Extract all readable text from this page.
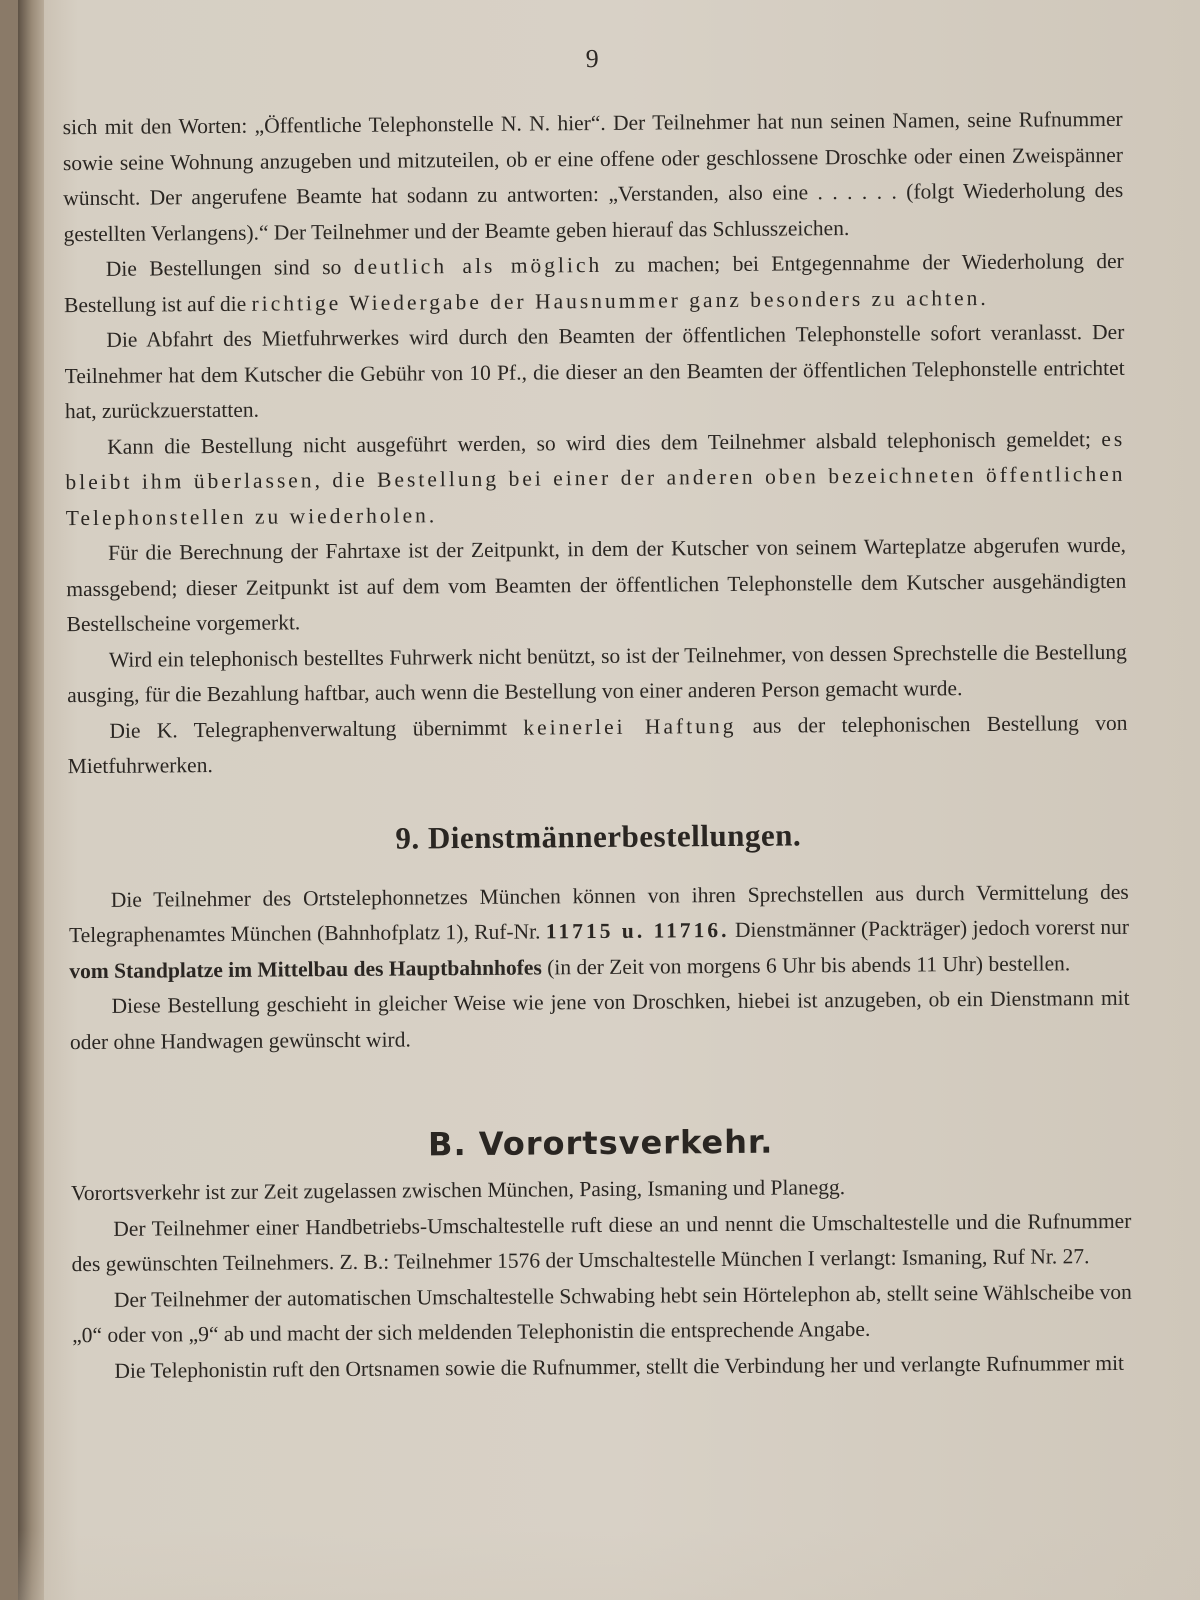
9

sich mit den Worten: „Öffentliche Telephonstelle N. N. hier“. Der Teilnehmer hat nun seinen Namen, seine Rufnummer sowie seine Wohnung anzugeben und mitzuteilen, ob er eine offene oder geschlossene Droschke oder einen Zweispänner wünscht. Der angerufene Beamte hat sodann zu antworten: „Verstanden, also eine . . . . . . (folgt Wiederholung des gestellten Verlangens).“ Der Teilnehmer und der Beamte geben hierauf das Schlusszeichen.

Die Bestellungen sind so deutlich als möglich zu machen; bei Entgegennahme der Wiederholung der Bestellung ist auf die richtige Wiedergabe der Hausnummer ganz besonders zu achten.

Die Abfahrt des Mietfuhrwerkes wird durch den Beamten der öffentlichen Telephonstelle sofort veranlasst. Der Teilnehmer hat dem Kutscher die Gebühr von 10 Pf., die dieser an den Beamten der öffentlichen Telephonstelle entrichtet hat, zurückzuerstatten.

Kann die Bestellung nicht ausgeführt werden, so wird dies dem Teilnehmer alsbald telephonisch gemeldet; es bleibt ihm überlassen, die Bestellung bei einer der anderen oben bezeichneten öffentlichen Telephonstellen zu wiederholen.

Für die Berechnung der Fahrtaxe ist der Zeitpunkt, in dem der Kutscher von seinem Warteplatze abgerufen wurde, massgebend; dieser Zeitpunkt ist auf dem vom Beamten der öffentlichen Telephonstelle dem Kutscher ausgehändigten Bestellscheine vorgemerkt.

Wird ein telephonisch bestelltes Fuhrwerk nicht benützt, so ist der Teilnehmer, von dessen Sprechstelle die Bestellung ausging, für die Bezahlung haftbar, auch wenn die Bestellung von einer anderen Person gemacht wurde.

Die K. Telegraphenverwaltung übernimmt keinerlei Haftung aus der telephonischen Bestellung von Mietfuhrwerken.

9. Dienstmännerbestellungen.

Die Teilnehmer des Ortstelephonnetzes München können von ihren Sprechstellen aus durch Vermittelung des Telegraphenamtes München (Bahnhofplatz 1), Ruf-Nr. 11715 u. 11716. Dienstmänner (Packträger) jedoch vorerst nur vom Standplatze im Mittelbau des Hauptbahnhofes (in der Zeit von morgens 6 Uhr bis abends 11 Uhr) bestellen.

Diese Bestellung geschieht in gleicher Weise wie jene von Droschken, hiebei ist anzugeben, ob ein Dienstmann mit oder ohne Handwagen gewünscht wird.

B. Vorortsverkehr.

Vorortsverkehr ist zur Zeit zugelassen zwischen München, Pasing, Ismaning und Planegg.

Der Teilnehmer einer Handbetriebs-Umschaltestelle ruft diese an und nennt die Umschaltestelle und die Rufnummer des gewünschten Teilnehmers. Z. B.: Teilnehmer 1576 der Umschaltestelle München I verlangt: Ismaning, Ruf Nr. 27.

Der Teilnehmer der automatischen Umschaltestelle Schwabing hebt sein Hörtelephon ab, stellt seine Wählscheibe von „0“ oder von „9“ ab und macht der sich meldenden Telephonistin die entsprechende Angabe.

Die Telephonistin ruft den Ortsnamen sowie die Rufnummer, stellt die Verbindung her und verlangte Rufnummer mit
